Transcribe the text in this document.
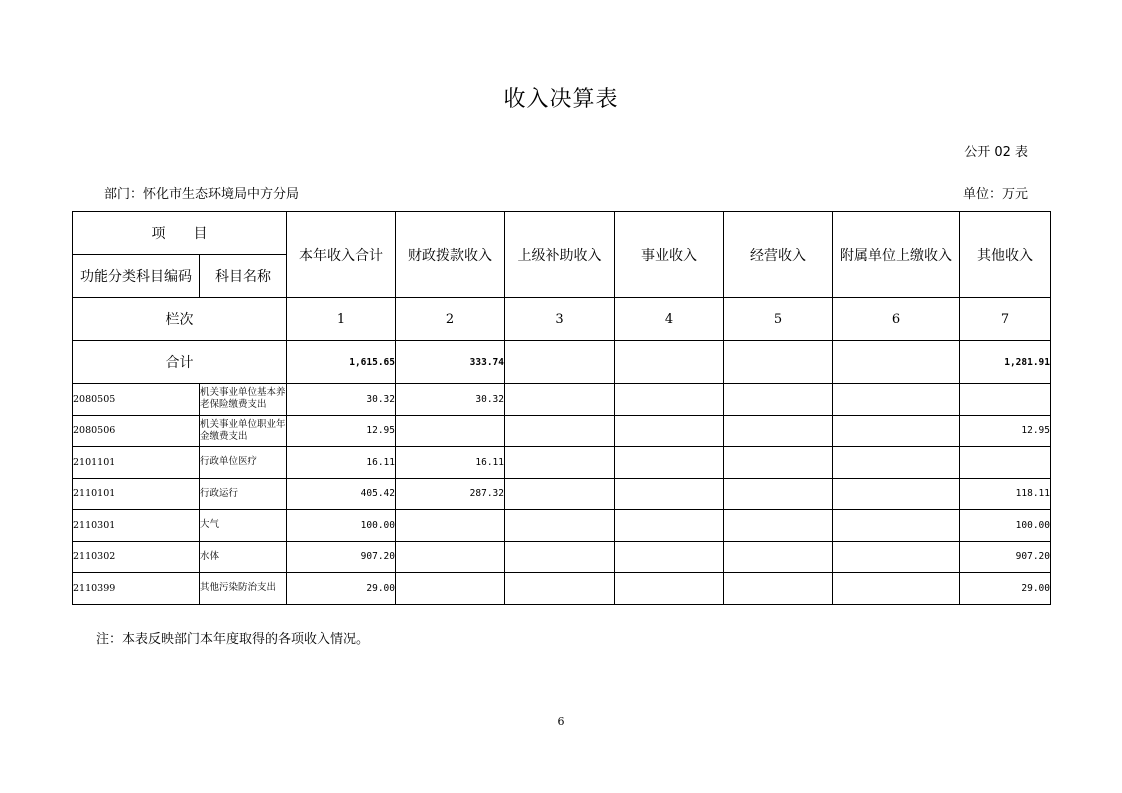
收入决算表
公开 02 表
部门：怀化市生态环境局中方分局	单位：万元
项　　目		本年收入合计	财政拨款收入	上级补助收入	事业收入	经营收入	附属单位上缴收入	其他收入
功能分类科目编码	科目名称							
栏次		1	2	3	4	5	6	7
合计		1,615.65	333.74					1,281.91
2080505	机关事业单位基本养老保险缴费支出	30.32	30.32					
2080506	机关事业单位职业年金缴费支出	12.95						12.95
2101101	行政单位医疗	16.11	16.11					
2110101	行政运行	405.42	287.32					118.11
2110301	大气	100.00						100.00
2110302	水体	907.20						907.20
2110399	其他污染防治支出	29.00						29.00
注：本表反映部门本年度取得的各项收入情况。
6
